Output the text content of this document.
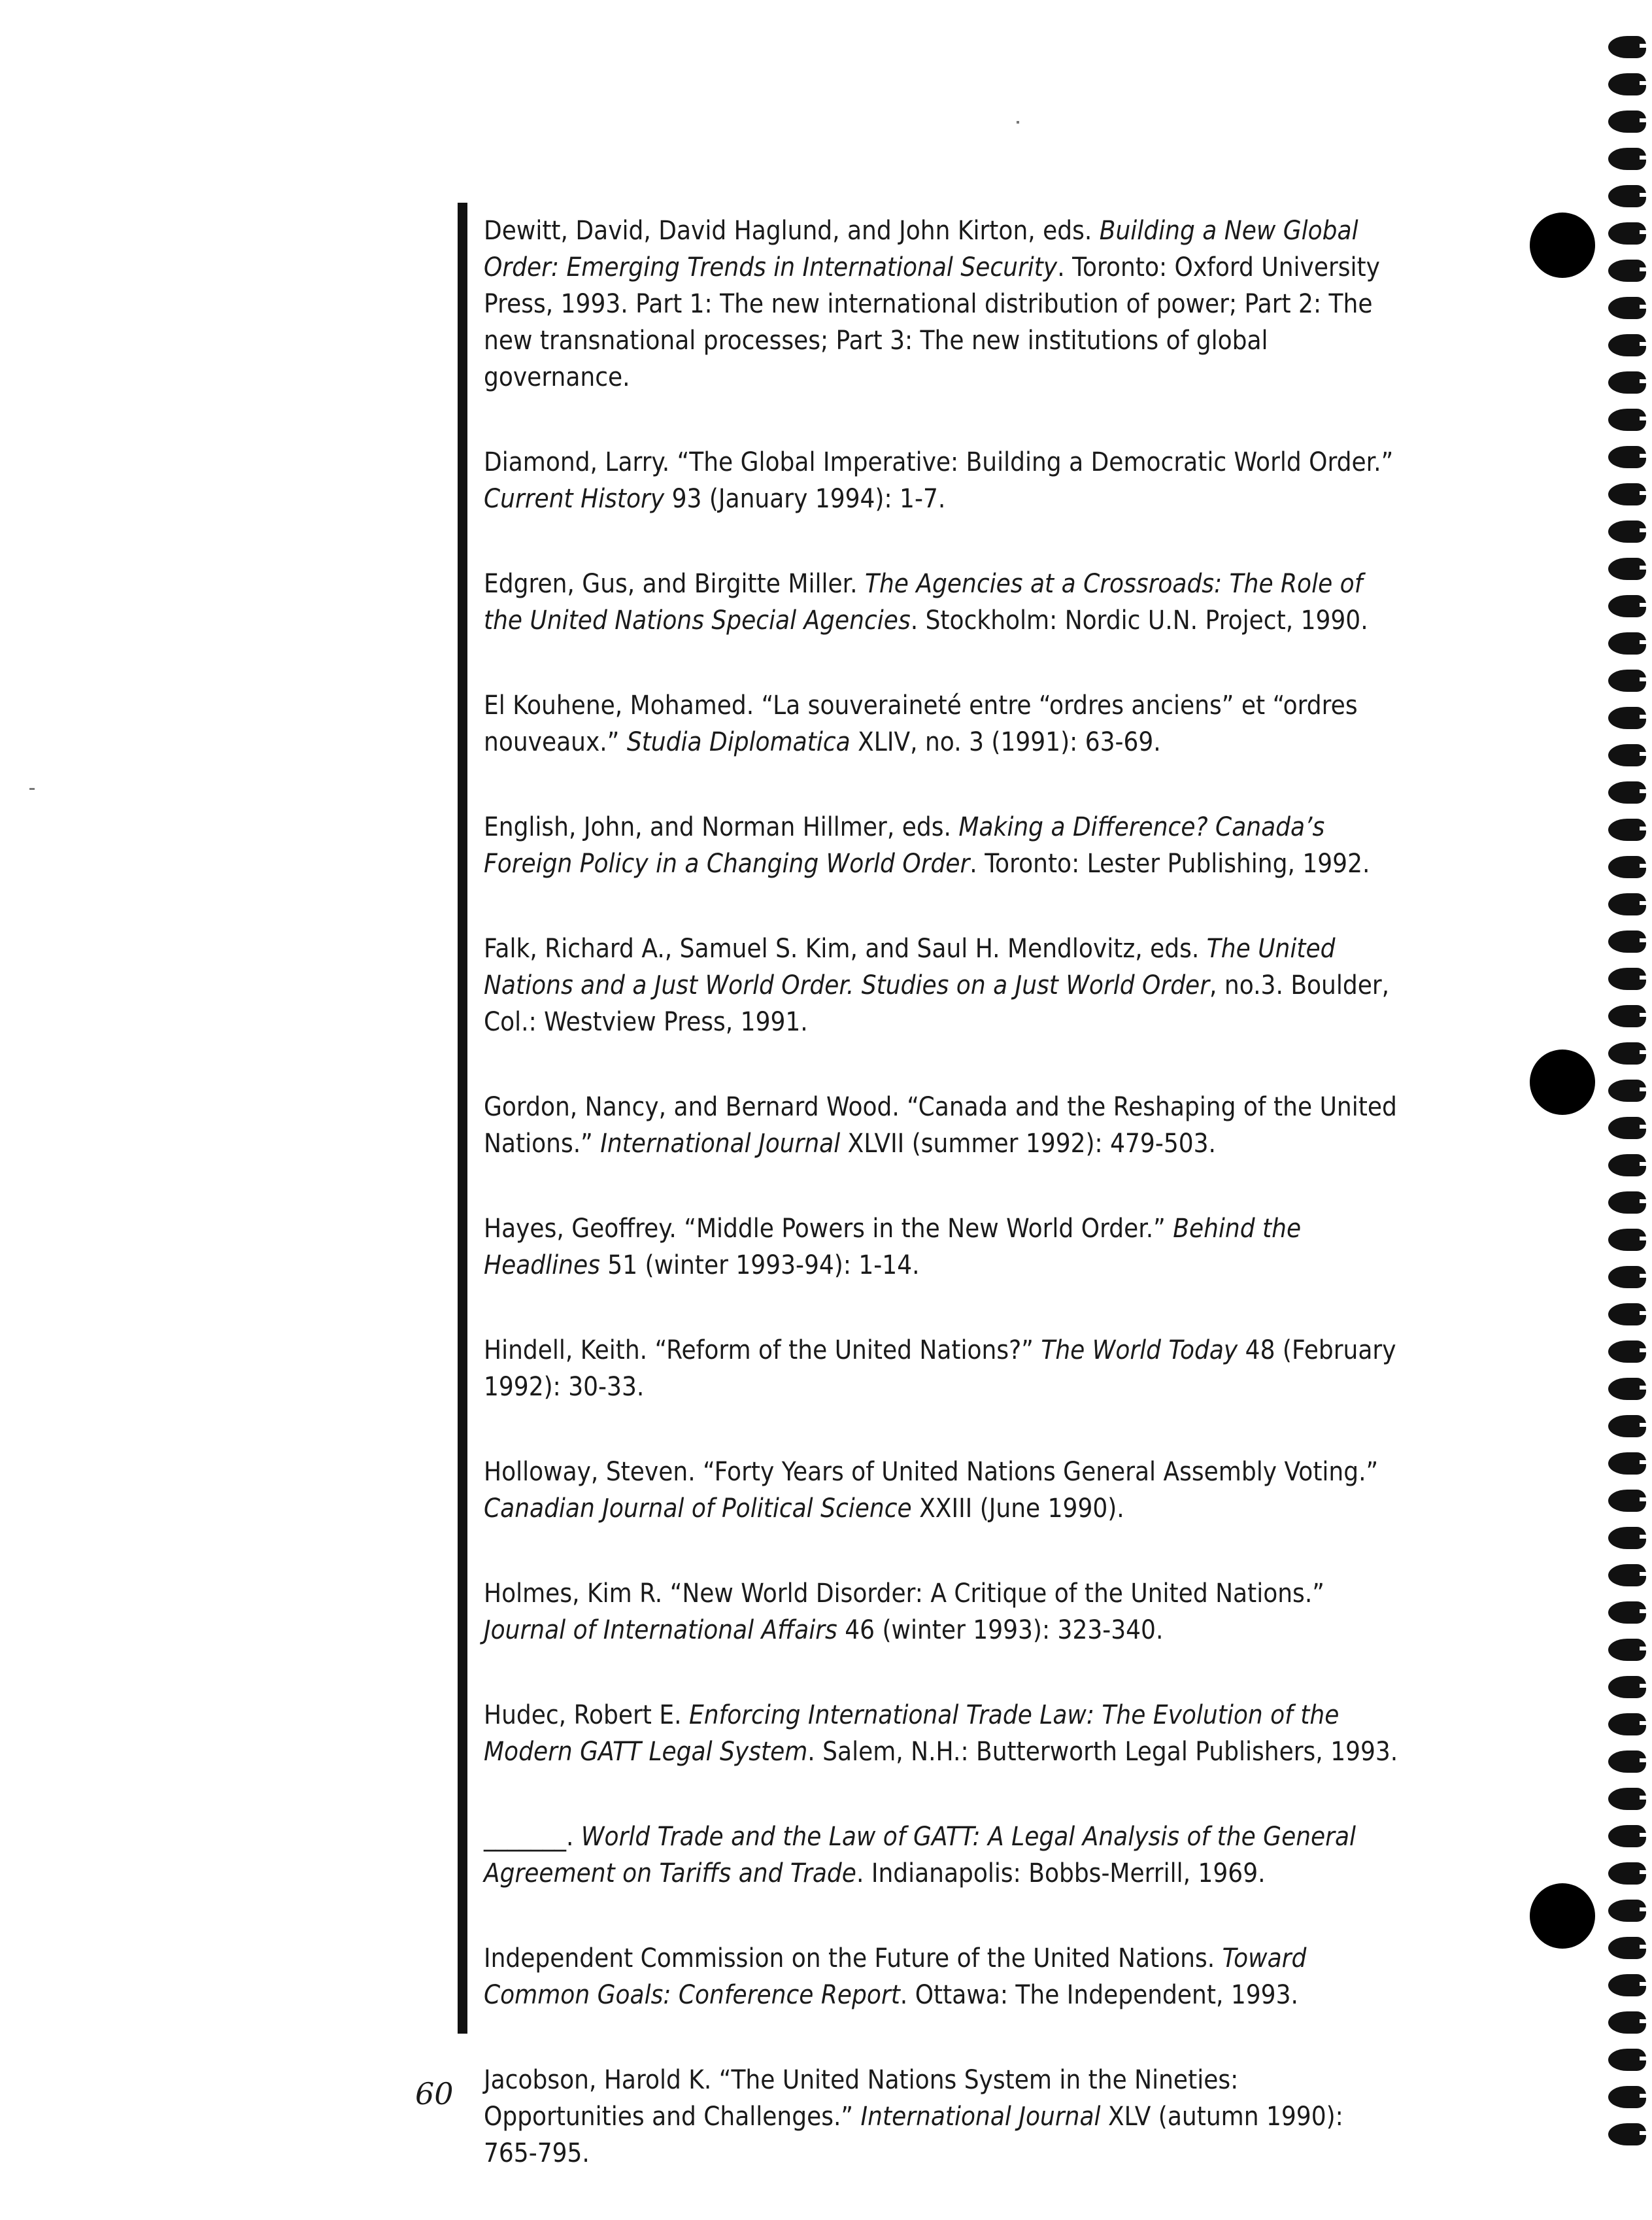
Dewitt, David, David Haglund, and John Kirton, eds. Building a New Global Order: Emerging Trends in International Security. Toronto: Oxford University Press, 1993. Part 1: The new international distribution of power; Part 2: The new transnational processes; Part 3: The new institutions of global governance.

Diamond, Larry. “The Global Imperative: Building a Democratic World Order.” Current History 93 (January 1994): 1-7.

Edgren, Gus, and Birgitte Miller. The Agencies at a Crossroads: The Role of the United Nations Special Agencies. Stockholm: Nordic U.N. Project, 1990.

El Kouhene, Mohamed. “La souveraineté entre “ordres anciens” et “ordres nouveaux.” Studia Diplomatica XLIV, no. 3 (1991): 63-69.

English, John, and Norman Hillmer, eds. Making a Difference? Canada’s Foreign Policy in a Changing World Order. Toronto: Lester Publishing, 1992.

Falk, Richard A., Samuel S. Kim, and Saul H. Mendlovitz, eds. The United Nations and a Just World Order. Studies on a Just World Order, no.3. Boulder, Col.: Westview Press, 1991.

Gordon, Nancy, and Bernard Wood. “Canada and the Reshaping of the United Nations.” International Journal XLVII (summer 1992): 479-503.

Hayes, Geoffrey. “Middle Powers in the New World Order.” Behind the Headlines 51 (winter 1993-94): 1-14.

Hindell, Keith. “Reform of the United Nations?” The World Today 48 (February 1992): 30-33.

Holloway, Steven. “Forty Years of United Nations General Assembly Voting.” Canadian Journal of Political Science XXIII (June 1990).

Holmes, Kim R. “New World Disorder: A Critique of the United Nations.” Journal of International Affairs 46 (winter 1993): 323-340.

Hudec, Robert E. Enforcing International Trade Law: The Evolution of the Modern GATT Legal System. Salem, N.H.: Butterworth Legal Publishers, 1993.

_______. World Trade and the Law of GATT: A Legal Analysis of the General Agreement on Tariffs and Trade. Indianapolis: Bobbs-Merrill, 1969.

Independent Commission on the Future of the United Nations. Toward Common Goals: Conference Report. Ottawa: The Independent, 1993.

Jacobson, Harold K. “The United Nations System in the Nineties: Opportunities and Challenges.” International Journal XLV (autumn 1990): 765-795.

60
